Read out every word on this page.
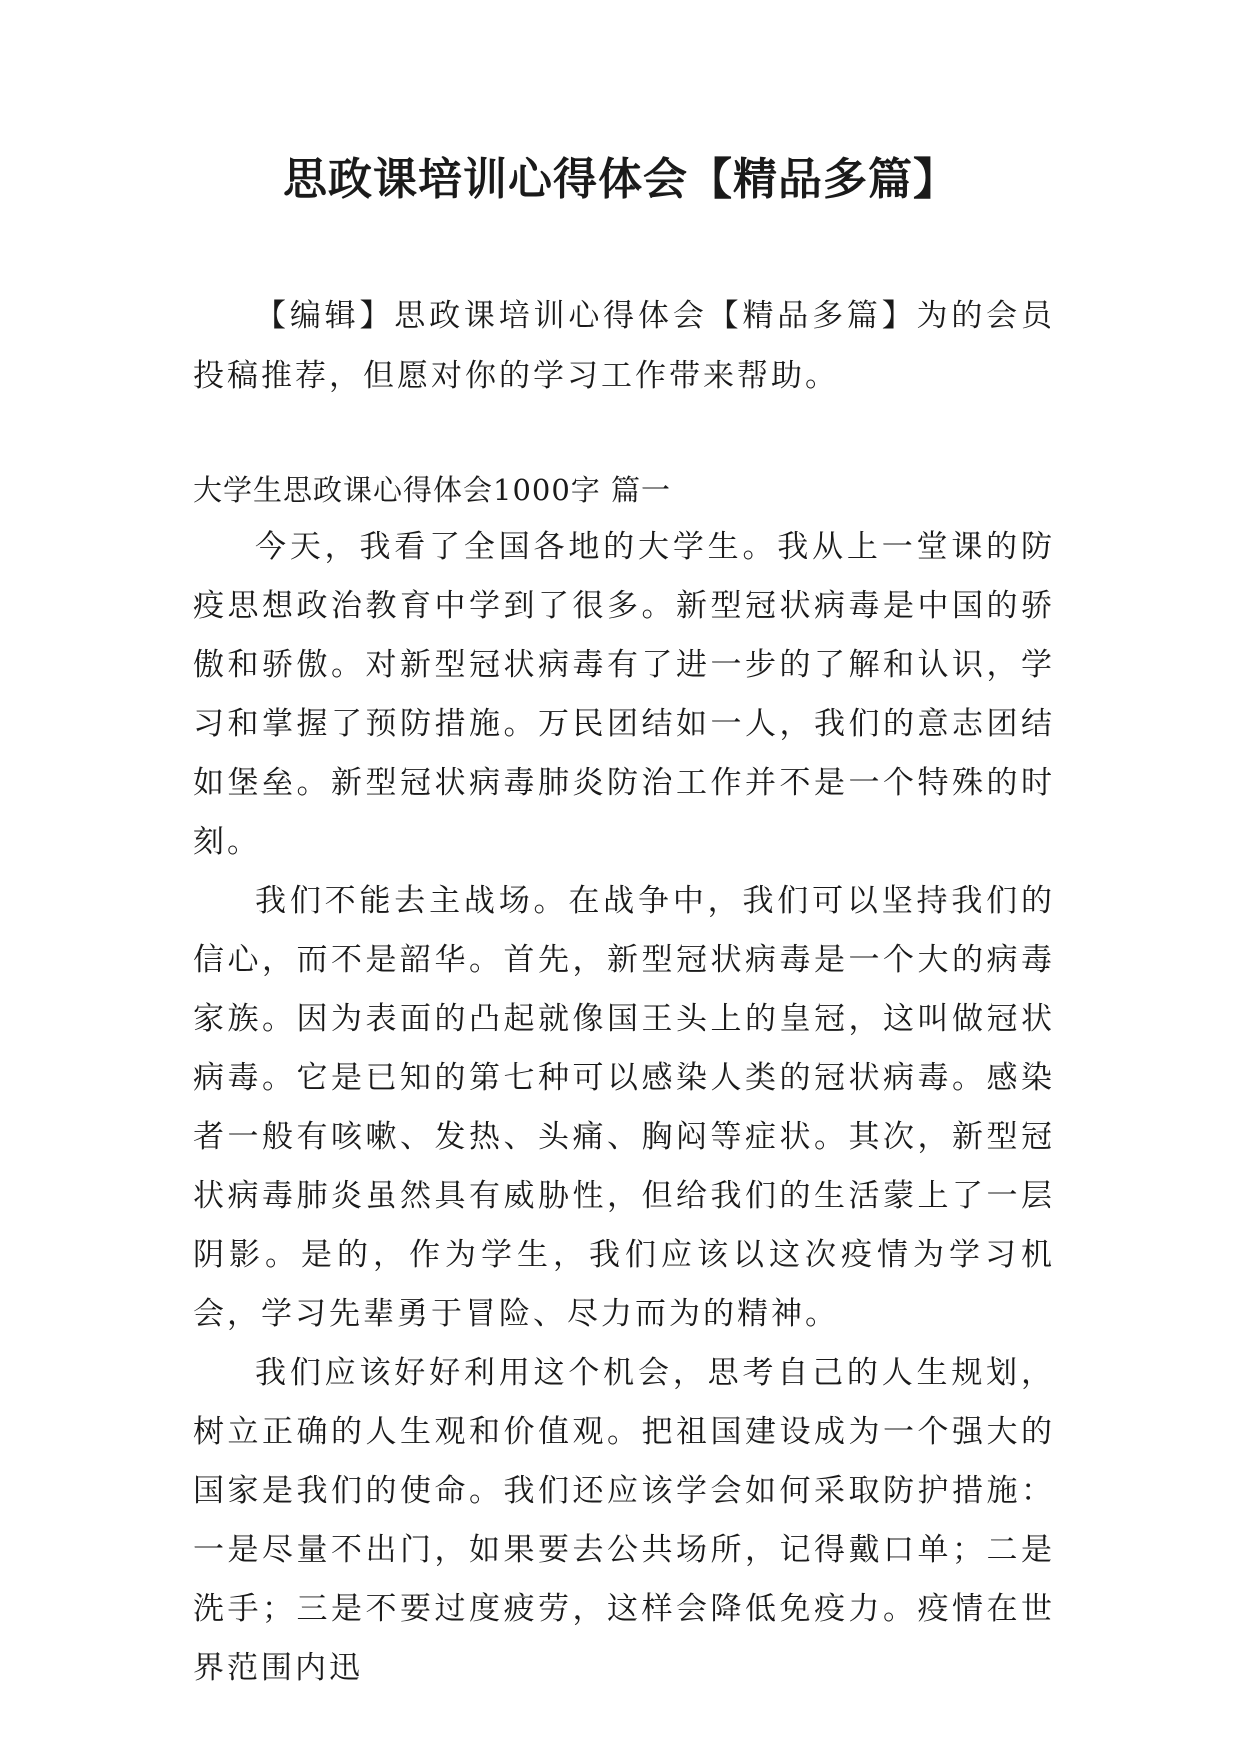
思政课培训心得体会【精品多篇】

【编辑】思政课培训心得体会【精品多篇】为的会员投稿推荐，但愿对你的学习工作带来帮助。

大学生思政课心得体会1000字 篇一

今天，我看了全国各地的大学生。我从上一堂课的防疫思想政治教育中学到了很多。新型冠状病毒是中国的骄傲和骄傲。对新型冠状病毒有了进一步的了解和认识，学习和掌握了预防措施。万民团结如一人，我们的意志团结如堡垒。新型冠状病毒肺炎防治工作并不是一个特殊的时刻。

我们不能去主战场。在战争中，我们可以坚持我们的信心，而不是韶华。首先，新型冠状病毒是一个大的病毒家族。因为表面的凸起就像国王头上的皇冠，这叫做冠状病毒。它是已知的第七种可以感染人类的冠状病毒。感染者一般有咳嗽、发热、头痛、胸闷等症状。其次，新型冠状病毒肺炎虽然具有威胁性，但给我们的生活蒙上了一层阴影。是的，作为学生，我们应该以这次疫情为学习机会，学习先辈勇于冒险、尽力而为的精神。

我们应该好好利用这个机会，思考自己的人生规划，树立正确的人生观和价值观。把祖国建设成为一个强大的国家是我们的使命。我们还应该学会如何采取防护措施：一是尽量不出门，如果要去公共场所，记得戴口单；二是洗手；三是不要过度疲劳，这样会降低免疫力。疫情在世界范围内迅
